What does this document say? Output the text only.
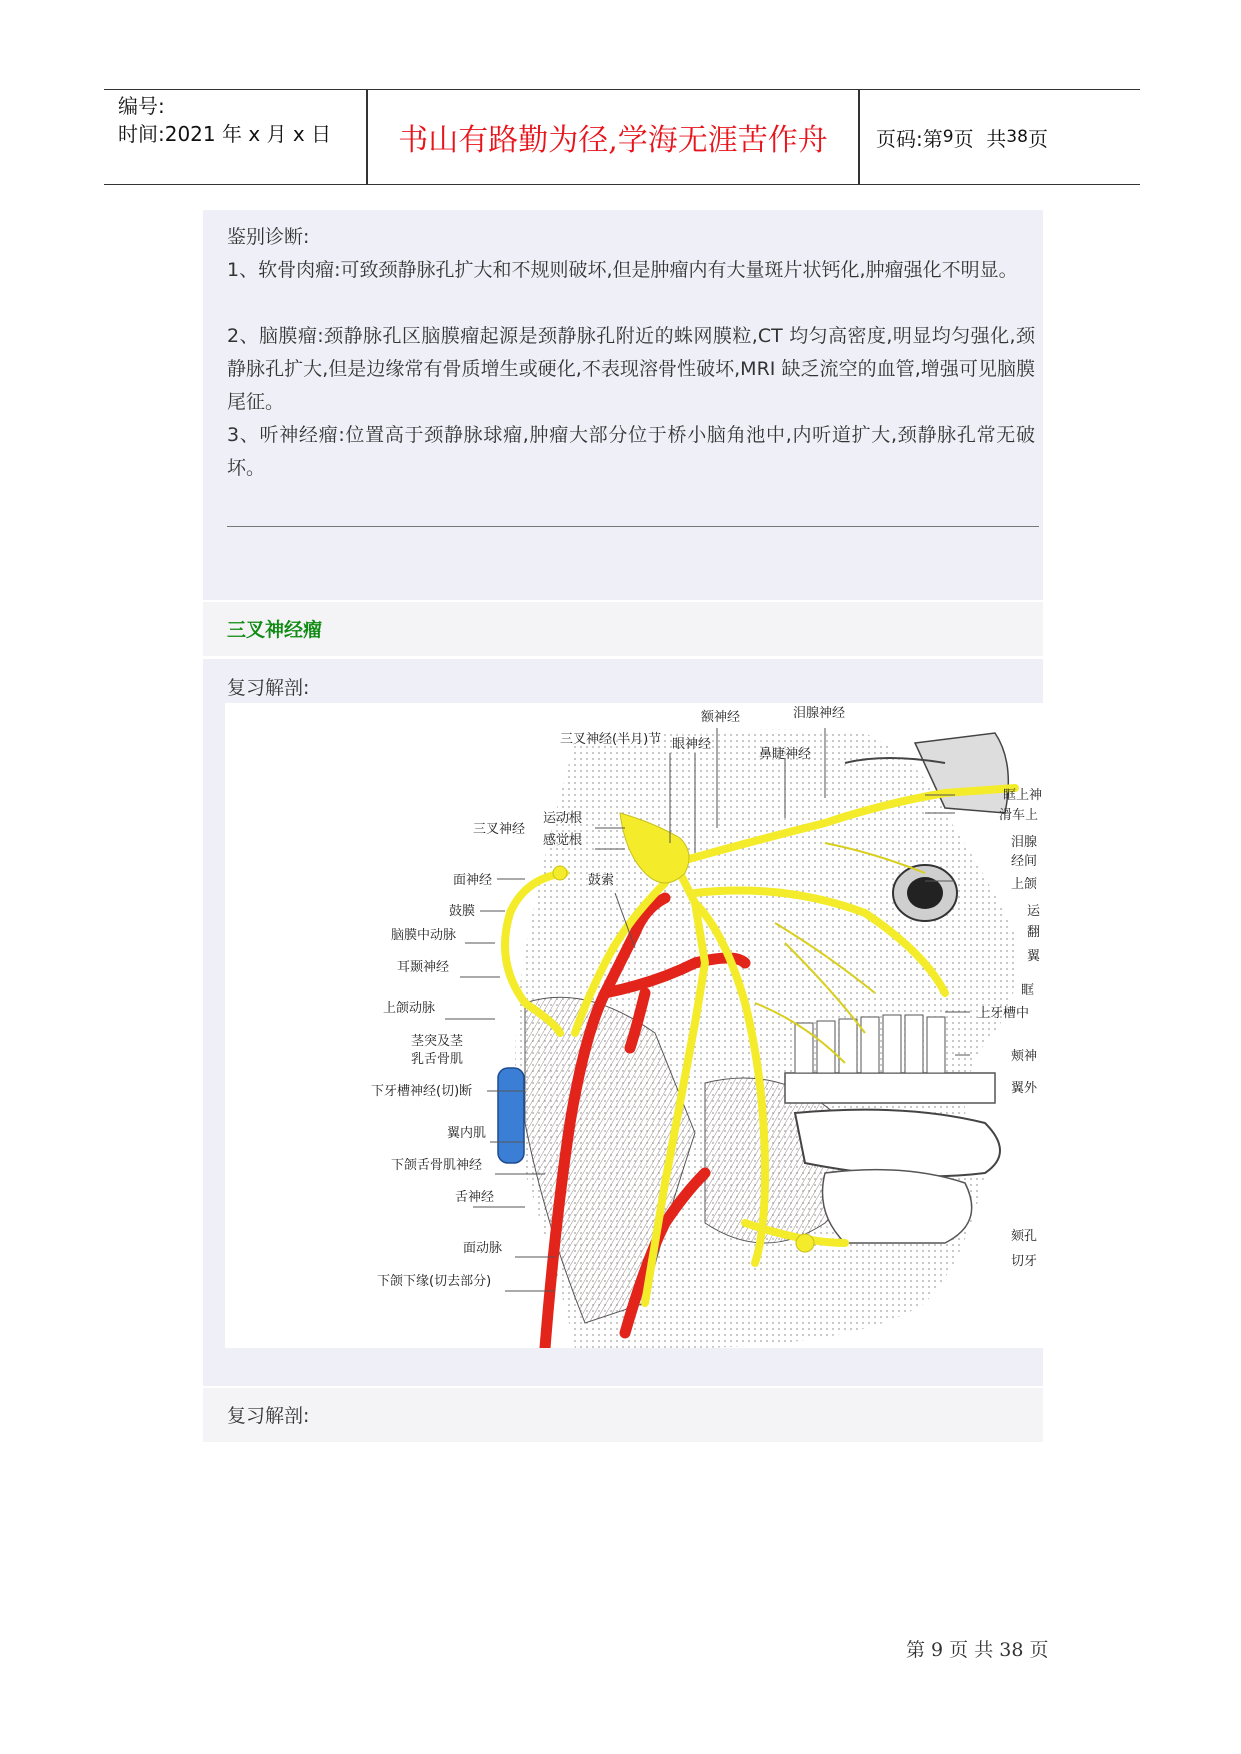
编号:
时间:2021 年 x 月 x 日	书山有路勤为径,学海无涯苦作舟	页码:第 9 页  共 38 页
鉴别诊断:
1、软骨肉瘤:可致颈静脉孔扩大和不规则破坏,但是肿瘤内有大量斑片状钙化,肿瘤强化不明显。
2、脑膜瘤:颈静脉孔区脑膜瘤起源是颈静脉孔附近的蛛网膜粒,CT 均匀高密度,明显均匀强化,颈静脉孔扩大,但是边缘常有骨质增生或硬化,不表现溶骨性破坏,MRI 缺乏流空的血管,增强可见脑膜尾征。
3、听神经瘤:位置高于颈静脉球瘤,肿瘤大部分位于桥小脑角池中,内听道扩大,颈静脉孔常无破坏。
三叉神经瘤
复习解剖:
额神经	泪腺神经
三叉神经(半月)节 眼神经
鼻睫神经
三叉神经
运动根
感觉根
面神经	鼓索
鼓膜
脑膜中动脉
耳颞神经
上颌动脉
茎突及茎
乳舌骨肌
下牙槽神经(切)断
翼内肌
下颌舌骨肌神经
舌神经
面动脉
下颌下缘(切去部分)
眶上神
滑车上
泪腺
经间
上颌
运
翻
翼
眶
上牙槽中
颊神
翼外
颏孔
切牙
复习解剖:
第 9 页 共 38 页
